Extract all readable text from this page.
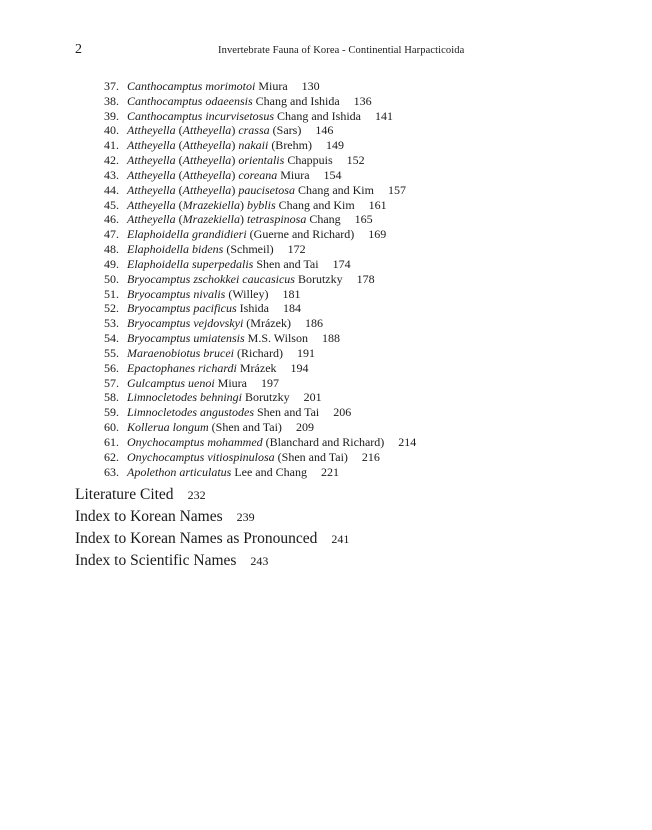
2	Invertebrate Fauna of Korea - Continential Harpacticoida
37. Canthocamptus morimotoi Miura 130
38. Canthocamptus odaeensis Chang and Ishida 136
39. Canthocamptus incurvisetosus Chang and Ishida 141
40. Attheyella (Attheyella) crassa (Sars) 146
41. Attheyella (Attheyella) nakaii (Brehm) 149
42. Attheyella (Attheyella) orientalis Chappuis 152
43. Attheyella (Attheyella) coreana Miura 154
44. Attheyella (Attheyella) paucisetosa Chang and Kim 157
45. Attheyella (Mrazekiella) byblis Chang and Kim 161
46. Attheyella (Mrazekiella) tetraspinosa Chang 165
47. Elaphoidella grandidieri (Guerne and Richard) 169
48. Elaphoidella bidens (Schmeil) 172
49. Elaphoidella superpedalis Shen and Tai 174
50. Bryocamptus zschokkei caucasicus Borutzky 178
51. Bryocamptus nivalis (Willey) 181
52. Bryocamptus pacificus Ishida 184
53. Bryocamptus vejdovskyi (Mrázek) 186
54. Bryocamptus umiatensis M.S. Wilson 188
55. Maraenobiotus brucei (Richard) 191
56. Epactophanes richardi Mrázek 194
57. Gulcamptus uenoi Miura 197
58. Limnocletodes behningi Borutzky 201
59. Limnocletodes angustodes Shen and Tai 206
60. Kollerua longum (Shen and Tai) 209
61. Onychocamptus mohammed (Blanchard and Richard) 214
62. Onychocamptus vitiospinulosa (Shen and Tai) 216
63. Apolethon articulatus Lee and Chang 221
Literature Cited 232
Index to Korean Names 239
Index to Korean Names as Pronounced 241
Index to Scientific Names 243
